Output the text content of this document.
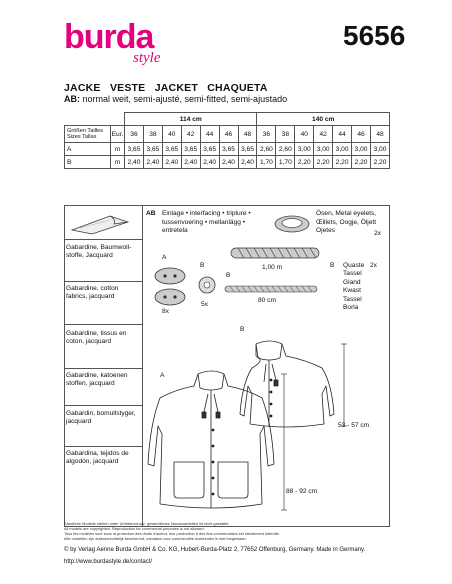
burda
style
5656
JACKE   VESTE   JACKET   CHAQUETA
AB: normal weit, semi-ajusté, semi-fitted, semi-ajustado
		114 cm							140 cm						

Größen Tailles
Sizes Tallas	Eur.	36	38	40	42	44	46	48	36	38	40	42	44	46	48
A	m	3,65	3,65	3,65	3,65	3,65	3,65	3,65	2,60	2,60	3,00	3,00	3,00	3,00	3,00
B	m	2,40	2,40	2,40	2,40	2,40	2,40	2,40	1,70	1,70	2,20	2,20	2,20	2,20	2,20
Gabardine, Baumwoll-stoffe, Jacquard
Gabardine, cotton fabrics, jacquard
Gabardine, tissus en coton, jacquard
Gabardine, katoenen stoffen, jacquard
Gabardin, bomullstyger, jacquard
Gabardina, tejidos de algodón, jacquard
AB Einlage • interfacing • triplure • tussenvoering • mellanlägg • entretela
Ösen, Metal eyelets, Œillets, Oogje, Öljett Ojetes	2x
A
8x
B
5x
1,00 m
B
80 cm
B Quaste
Tassel
Gland
Kwast
Tassel
Borla
2x
A
B
53 - 57 cm
88 - 92 cm
Sämtliche Modelle stehen unter Urheberschutz, gewerbliches Nachzuarbeiten ist nicht gestattet.
All models are copyrighted. Reproduction for commercial purposes is not allowed.
Tous les modèles sont sous la protection des droits d'auteur, leur production à des fins commerciales est strictement interdite.
Alle modellen zijn auteursrechtelijk beschermd, namaken voor commerciële doeleinden is niet toegestaan.
© by Verlag Aenne Burda GmbH & Co. KG, Hubert-Burda-Platz 2, 77652 Offenburg, Germany. Made in Germany.
http://www.burdastyle.de/contact/
